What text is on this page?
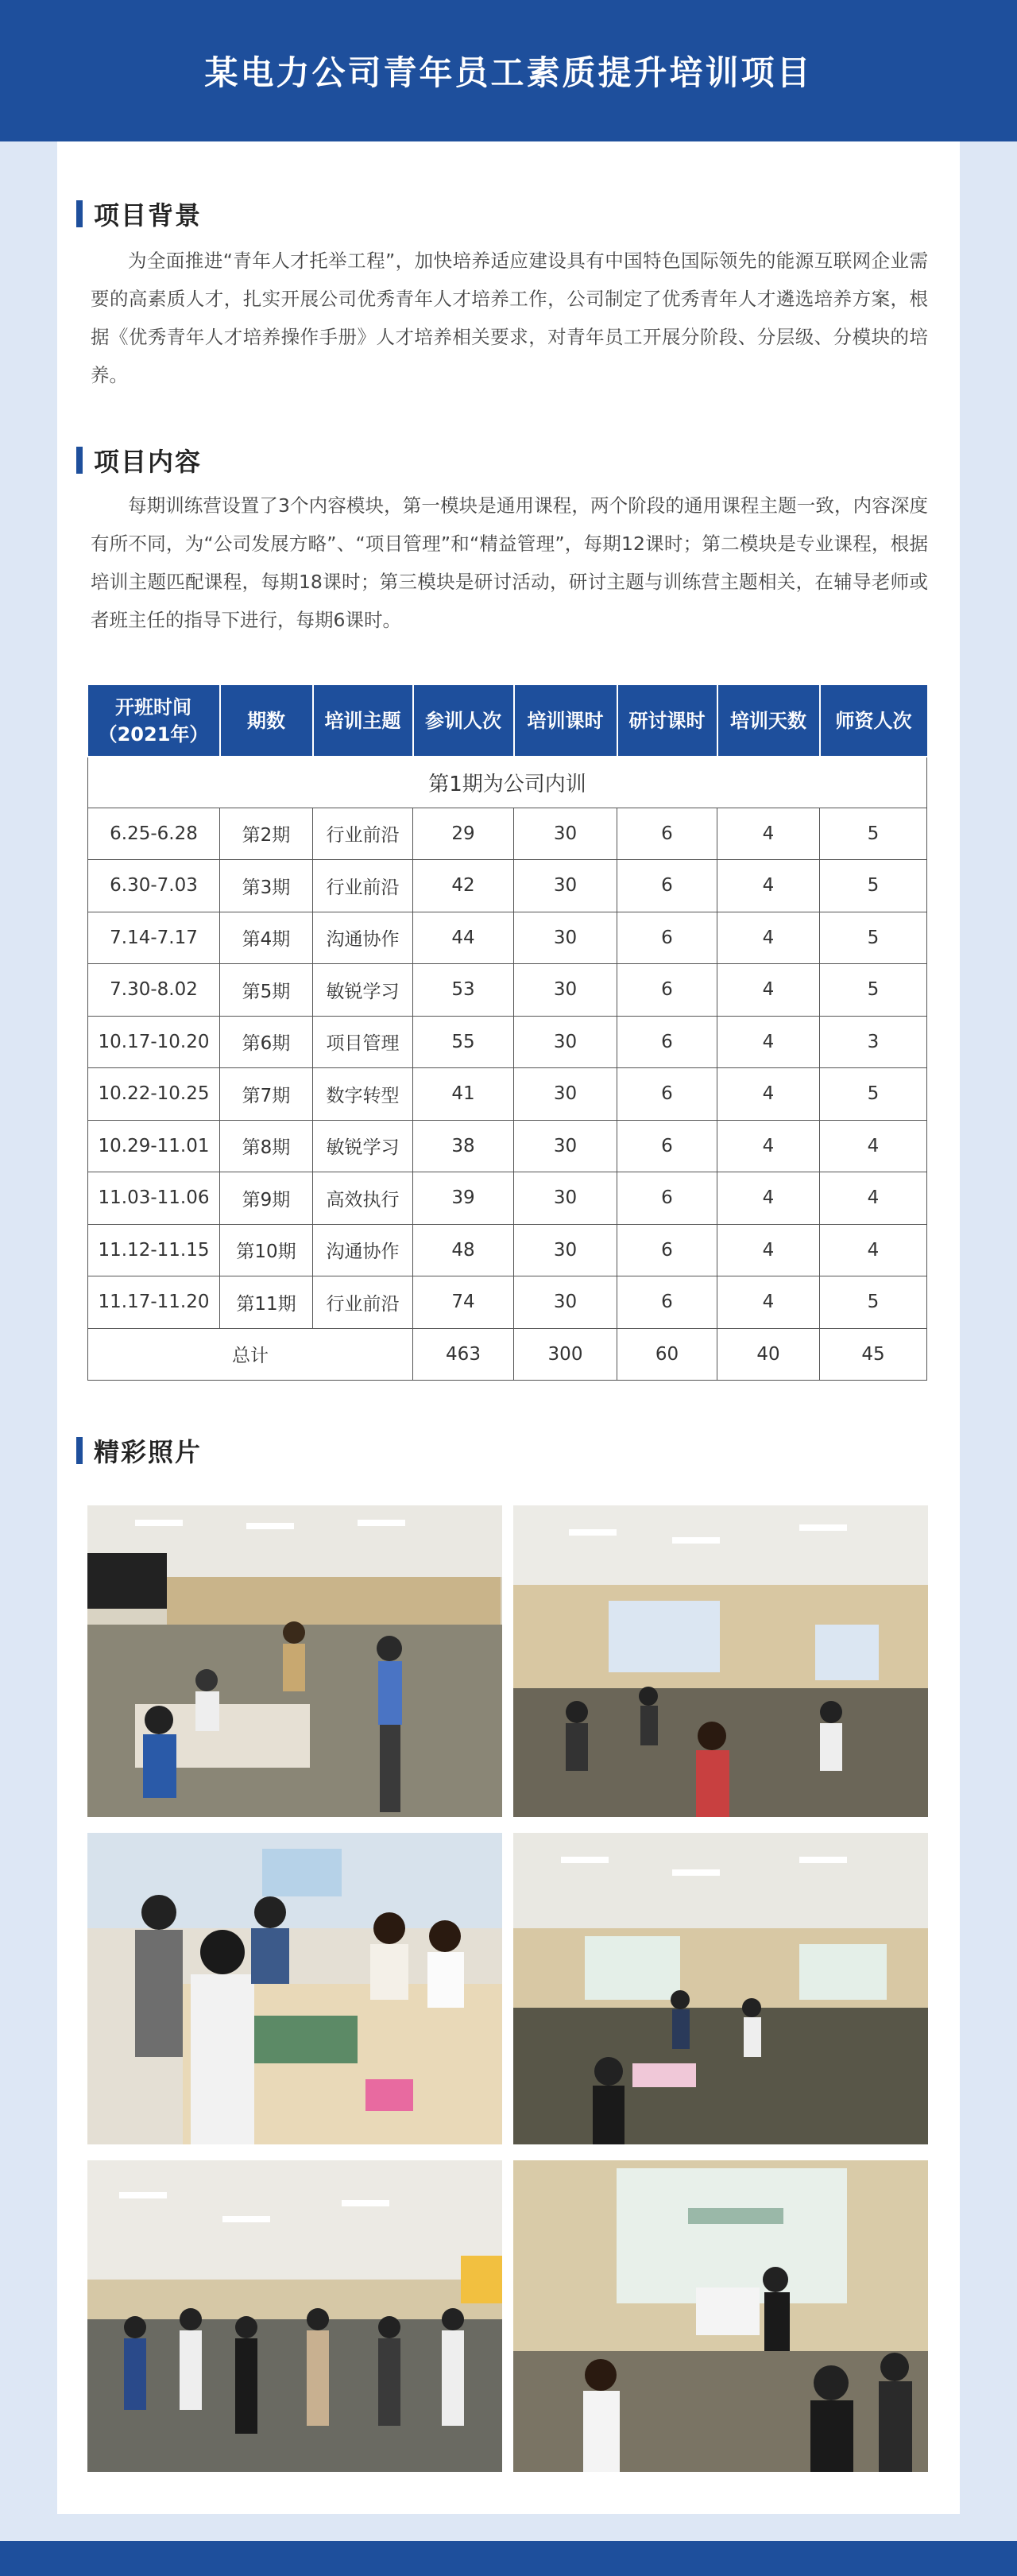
某电力公司青年员工素质提升培训项目
项目背景

为全面推进“青年人才托举工程”，加快培养适应建设具有中国特色国际领先的能源互联网企业需要的高素质人才，扎实开展公司优秀青年人才培养工作，公司制定了优秀青年人才遴选培养方案，根据《优秀青年人才培养操作手册》人才培养相关要求，对青年员工开展分阶段、分层级、分模块的培养。

项目内容

每期训练营设置了3个内容模块，第一模块是通用课程，两个阶段的通用课程主题一致，内容深度有所不同，为“公司发展方略”、“项目管理”和“精益管理”，每期12课时；第二模块是专业课程，根据培训主题匹配课程，每期18课时；第三模块是研讨活动，研讨主题与训练营主题相关，在辅导老师或者班主任的指导下进行，每期6课时。

开班时间
（2021年）	期数	培训主题	参训人次	培训课时	研讨课时	培训天数	师资人次
第1期为公司内训							
6.25-6.28	第2期	行业前沿	29	30	6	4	5
6.30-7.03	第3期	行业前沿	42	30	6	4	5
7.14-7.17	第4期	沟通协作	44	30	6	4	5
7.30-8.02	第5期	敏锐学习	53	30	6	4	5
10.17-10.20	第6期	项目管理	55	30	6	4	3
10.22-10.25	第7期	数字转型	41	30	6	4	5
10.29-11.01	第8期	敏锐学习	38	30	6	4	4
11.03-11.06	第9期	高效执行	39	30	6	4	4
11.12-11.15	第10期	沟通协作	48	30	6	4	4
11.17-11.20	第11期	行业前沿	74	30	6	4	5
总计			463	300	60	40	45
精彩照片
